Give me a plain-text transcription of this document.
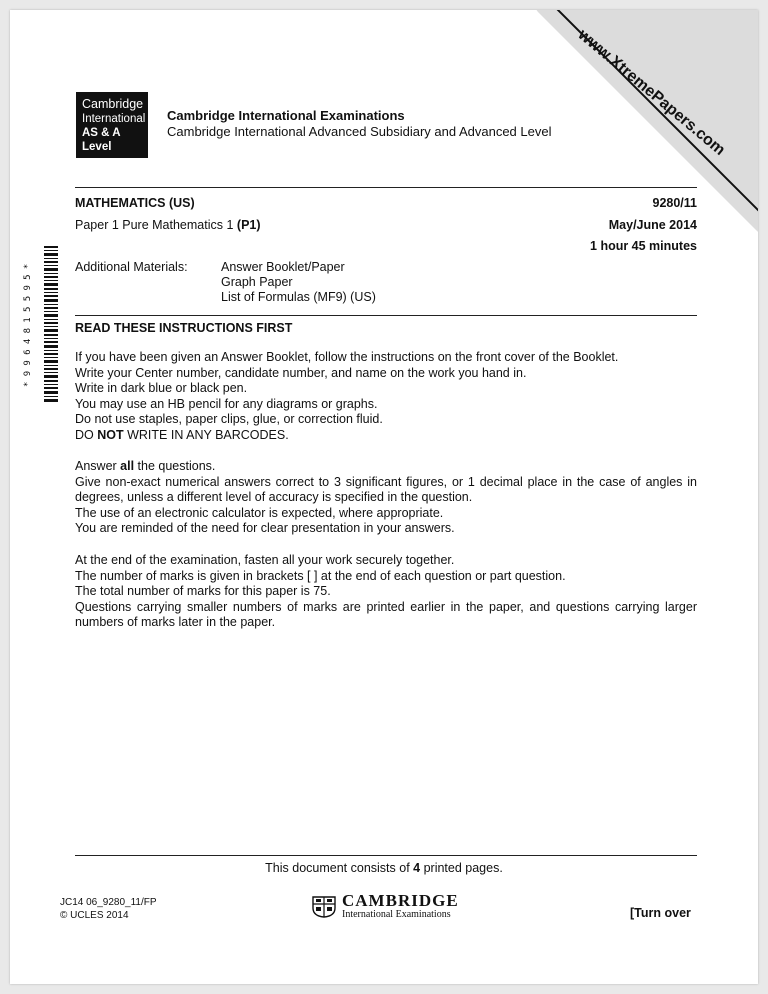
www.XtremePapers.com
Cambridge
International
AS & A Level
Cambridge International Examinations
Cambridge International Advanced Subsidiary and Advanced Level
MATHEMATICS (US)	9280/11
Paper 1 Pure Mathematics 1 (P1)	May/June 2014
1 hour 45 minutes
Additional Materials:	Answer Booklet/Paper
Graph Paper
List of Formulas (MF9) (US)
*9964815595*	READ THESE INSTRUCTIONS FIRST

If you have been given an Answer Booklet, follow the instructions on the front cover of the Booklet.

Write your Center number, candidate number, and name on the work you hand in.

Write in dark blue or black pen.

You may use an HB pencil for any diagrams or graphs.

Do not use staples, paper clips, glue, or correction fluid.

DO NOT WRITE IN ANY BARCODES.

Answer all the questions.

Give non-exact numerical answers correct to 3 significant figures, or 1 decimal place in the case of angles in degrees, unless a different level of accuracy is specified in the question.

The use of an electronic calculator is expected, where appropriate.

You are reminded of the need for clear presentation in your answers.

At the end of the examination, fasten all your work securely together.

The number of marks is given in brackets [ ] at the end of each question or part question.

The total number of marks for this paper is 75.

Questions carrying smaller numbers of marks are printed earlier in the paper, and questions carrying larger numbers of marks later in the paper.

This document consists of 4 printed pages.

JC14 06_9280_11/FP

© UCLES 2014

CAMBRIDGE
International Examinations	[Turn over
